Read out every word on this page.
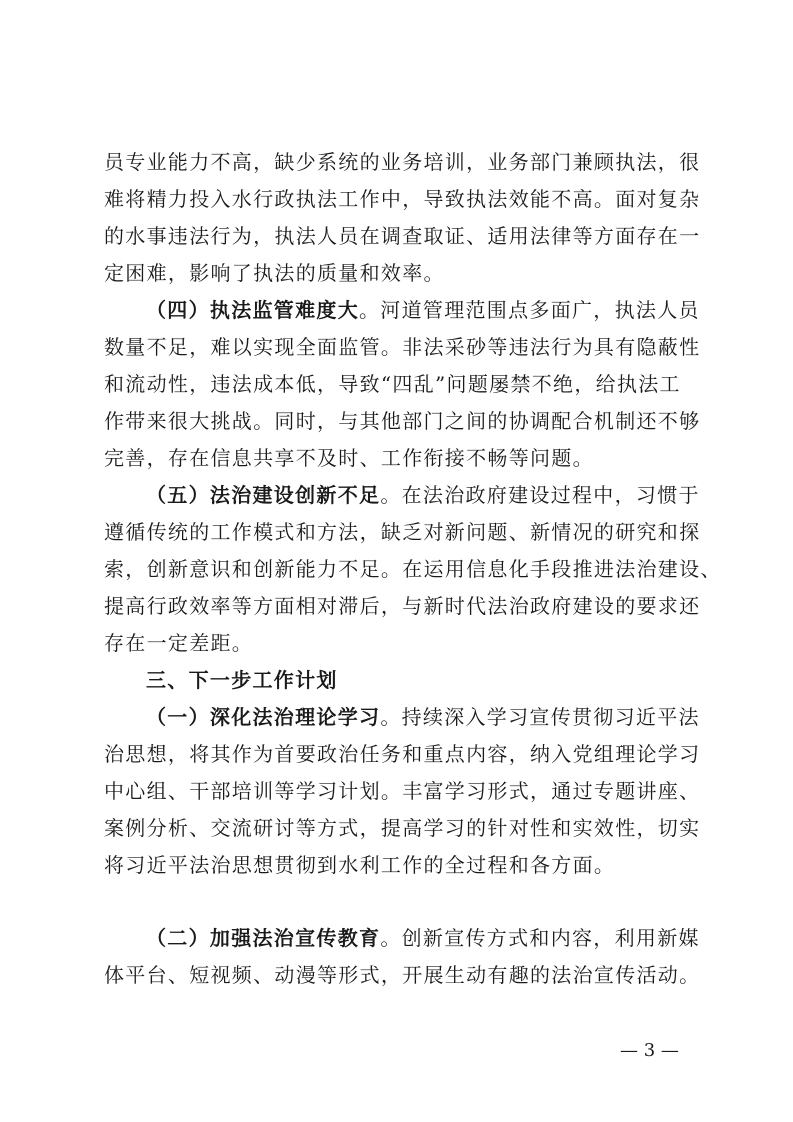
员专业能力不高，缺少系统的业务培训，业务部门兼顾执法，很
难将精力投入水行政执法工作中，导致执法效能不高。面对复杂
的水事违法行为，执法人员在调查取证、适用法律等方面存在一
定困难，影响了执法的质量和效率。
（四）执法监管难度大。河道管理范围点多面广，执法人员
数量不足，难以实现全面监管。非法采砂等违法行为具有隐蔽性
和流动性，违法成本低，导致“四乱”问题屡禁不绝，给执法工
作带来很大挑战。同时，与其他部门之间的协调配合机制还不够
完善，存在信息共享不及时、工作衔接不畅等问题。
（五）法治建设创新不足。在法治政府建设过程中，习惯于
遵循传统的工作模式和方法，缺乏对新问题、新情况的研究和探
索，创新意识和创新能力不足。在运用信息化手段推进法治建设、
提高行政效率等方面相对滞后，与新时代法治政府建设的要求还
存在一定差距。
三、下一步工作计划
（一）深化法治理论学习。持续深入学习宣传贯彻习近平法
治思想，将其作为首要政治任务和重点内容，纳入党组理论学习
中心组、干部培训等学习计划。丰富学习形式，通过专题讲座、
案例分析、交流研讨等方式，提高学习的针对性和实效性，切实
将习近平法治思想贯彻到水利工作的全过程和各方面。
（二）加强法治宣传教育。创新宣传方式和内容，利用新媒
体平台、短视频、动漫等形式，开展生动有趣的法治宣传活动。
— 3 —
